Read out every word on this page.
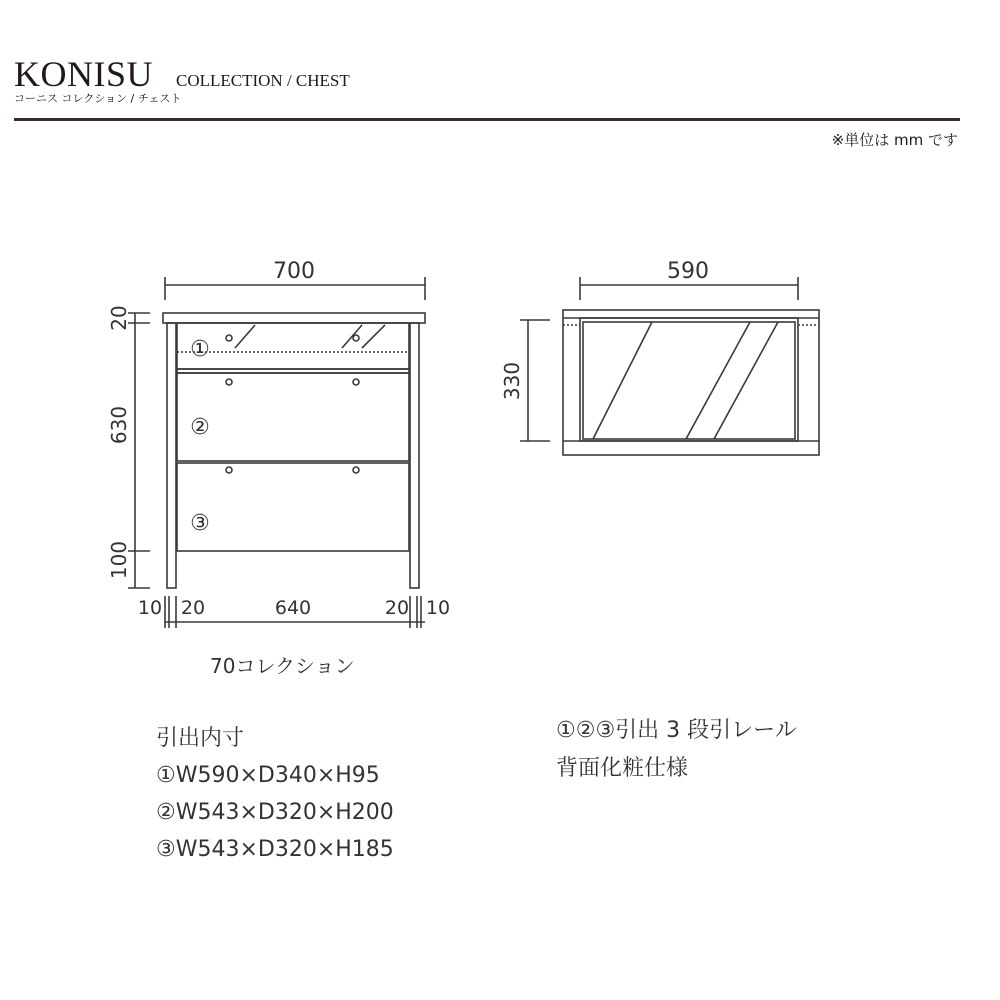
KONISU COLLECTION / CHEST
コーニス コレクション / チェスト
※単位は mm です
700
20
630
100
①
②
③
10 20	640	20 10
590
330
70コレクション
引出内寸
①W590×D340×H95
②W543×D320×H200
③W543×D320×H185
①②③引出 3 段引レール
背面化粧仕様
